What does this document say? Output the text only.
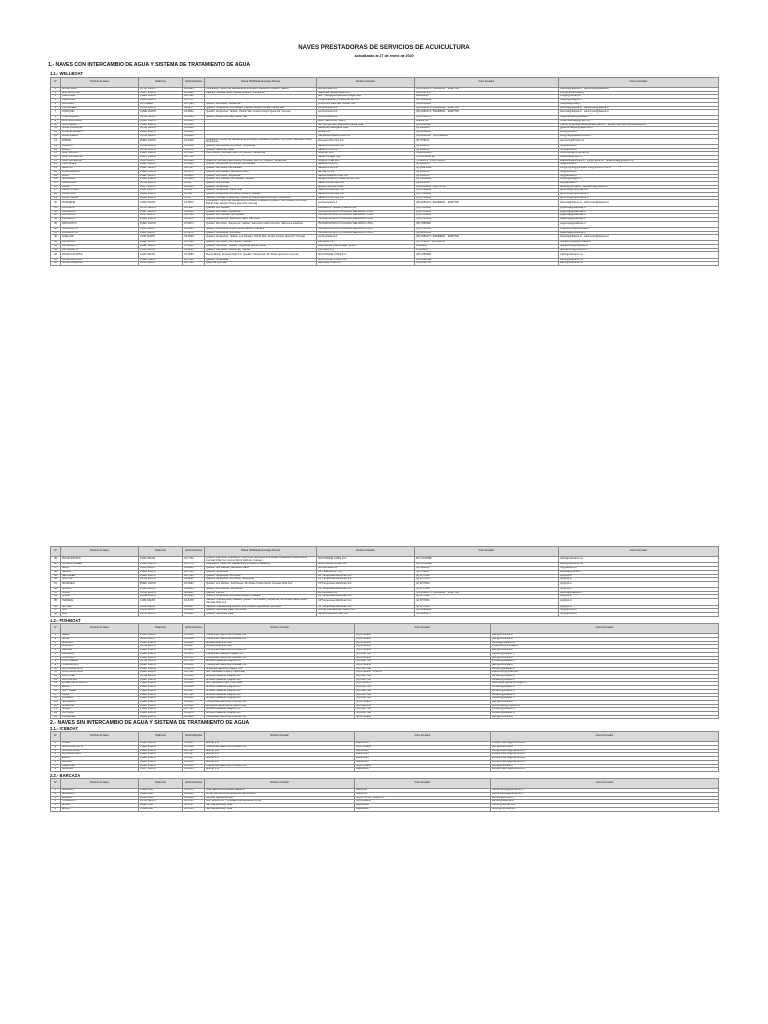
NAVES PRESTADORAS DE SERVICIOS DE ACUICULTURA
Actualizado al 27 de enero de 2020
1.- NAVES CON INTERCAMBIO DE AGUA Y SISTEMA DE TRATAMIENTO DE AGUA
1.1.- WELLBOAT
N°	Nombre de Nave	Matrícula	Señal distintiva	Planta Habilitada Descarga Directa	Nombre Armador	Fono Armador	Correo Armador
1	ALCANTARA	PUTE VALPO	CA 3604	Chacabuco: Centro de Faenamiento & Acopio Chacabuco Quellón: Cailcur	La Peninsula S.A.	(65) 2581073 / 652486501 · 9099?709	tbarreda@lapasa.cl · salmonwell@lapasa.cl
2	ANA CRISTINA	CURY VALPO	CA 4092	Calbuco: Camanchaca, Caicaen Quellón: Surpesmar	Salmones Camanchaca S.A.	(65) 2527350	proc@camanchaca.cl
3	CARCUPAL	PUEO VALPO	CA 7562		Soc. Transportes Marítimos Argel Ltda.	993299260	s.argel@hsmarg.cl
4	CAROLINA	PUEO VALPO	CA 7577		Conglomerados y Cultivo del Sur S.A.	65 2-2855232	cdwyer@abagon.cl
5	DON MAXI	VL-Tucaida	CA 7083	Quellón: Río Dulce, Surpesmar	CHIPPING CENTER TRABU S.A.	(65) 2623880	fmatyesa@fusal.cl
6	CALCAVERA	CUTE VALPO	CA 8877	Quellón: Surpesmar, Los Pandes, Yadhan, Acopio Compu, Pacific Star	La Peninsula S.A.	(65) 2581073 / 652486501 · 9099?709	tbarreda@lapasa.cl · salmonwell@lapasa.cl
7	CHAIQUE I	CURE VALPO	CA 5002	Quellón: Surpesmar, Yadhan, Pacific Star, Acopio Compu Quemchi: Cermaq	La Peninsula S.A.	(65) 2581073 / 652486501 · 9099?709	tbarreda@lapasa.cl · salmonwell@lapasa.cl
8	CHILONQUES	CUTE VALPO	CA 5628	Quellón: Acopio Cermaq, Pacific Star	La Peninsula S.A.	(65) 2581073	rc@lanavaldes@lapasa.cl
9	DON NICOLAIDO	PUEO VALPO	CA 3604		Marín Salmonvid - Marin	999662789	mmarinnavasa@gmail.com
10	DON PEDRO	PUEO VALPO	CA 8121		Soc. de Servicios Marítimos Mamar Ltda.	(65) 2531900	mamar_peguilla@calcahuanaservisma.cl · aurelio.ropiso@marimadrasuros.cl
11	DOÑA CLAUDINA	CUTE VALPO	CA 8048		Naviera El Navegante Ltda.	(9) 9380186	gguerrerhaugar@cadelchie.cl
12	DOÑA ELIZABETH	PUEO VALPO	CA 2244		Prosal S.A.	(65) 2258000	ainfo@prosal.cl
13	DOÑA MARIA	CUTE VALPO	CA 6659		Cargueras Albatros Ltda S.A.	(65) 2009300 · (65) 2990600	info@cargueraslamostrea.cl
14	FARIOP	PUEO VALPO	CA 4049	Chacabuco: Centro de Faenamiento & Acopio Chacabuco Quellón: Río Dulce, Salmones Cailin, Surpesmar	Pesquera Pino Sur S.A.	(57) 679270	operarios@fiminsur.cl
15	FORROTI	CUCE VALPO	CA 4114	Quellón: Los Pandes, Río Dulce, Surpesmar	Naviera Orca Chile S.A.	(2) 4608015	nrp@debiolu.cl
16	FRIED	CUTE VALPO	CA 8573	Quellón: Salmones Cailin	Naviera Orca S.A.	(2) 4608015	nrp@debiolu.cl
17	GRIP PACIFIC	PUEO VALPO	CA 5368	Puerto Montt: Cermaq Chile S.A. Quellón: Surpesmar	Grupmar SPA	(56)22346604	mstrumieha@grupmar.me
18	GRIP PATAGONIA	CURY VALPO	CA 7788		Naviera Nuegte SpA	(65) 23 2214798	matriculad@fidex.cl
19	GRIP SUPERIOR	CUIO VALPO	CA 3668	Quemchi: Cermaq Puerto Montt: Cermaq Chile S.A. Quellón: Surpesmar	Grupfish Chile SPA	757880-78 · (65) 2756831	analuundia@knotrik.cl · info@navidin.cl · analuundia@grupfish.mx
20	HIRONDALL	PUEP VALPO	CA 4089	Quellón: Surpesmar, Río Dulce, Los Pandes	Naviera Orca S.A.	(2) 4608015	nrp@debiolu.cl
21	LEGOTA I	PUEP VALPO	CA 7537	Quellón: Río Dulce, Los Pandes	Naviera Orca S.A.	(2) 2352 2401	shtrl@m@Fhg@B·BN5T1-A.@PN5BT0·C1.cl
22	LINDA MARIAN	PUEO VALPO	CA 5871	Quellón: Los Pandes, Salmones Cailin	BETNETS S.A.	(2) 4608015	nrp@debiolu.cl
23	LOBO	PUEP VALPO	CA 8853	Quellón: Río Dulce, Surpesmar	Naviera Bahamo Chile S.A.	(2) 4608015	nrp@debiolu.cl
24	NOVARINO	PUEO VALPO	CA 5628	Quellón: Los Pandes, Los Pandes, Yadhan	Conglomerados y Cultivo del Sur S.A.	65 2-2855232	cdwyer@abagon.cl
25	ORIGOLOFF	CUTE VALPO	CA 82	Quellón: Los Pandes	Naviera Orca Chile S.A.	(2) 4608015	nrp@debiolu.cl
26	ORCA I	CURY VALPO	CA 5336	Quellón: Surpesmar	Antonio Servicios Ltda.	(65) 2258884 · 9055?8788	aurelio@carmaa.cl · aunsantha@caltima.cl
27	ORCA CHONO	PUIM VALPO	CA 101	Quellón: Surpesmar, Pacific Star	Naviera Orca Chile S.A.	(65) 7608880	gvcorrish@rupnomarca.cl
28	ORCA FINA	CURE VALPO	CA 303	Quellón: Surpesmar, Río Dulce Calbuco: Caicaen	Naviera Orca Chile S.A.	(65) 7608880	gvcorrish@rupnomarca.cl
29	ORCA YAGAN	PUEO VALPO	CA 63	Calbuco: Caicaen Chacabuco: Centro de Faenamiento & Acopio Chacabuco	Naviera Orca Chile S.A.	(65) 2760880	gvcorrish@rupnomarca.cl
30	PIONNEUR	CUIM VALPO	CA 5573	Chacabuco: Centro de Faenamiento & Acopio Chacabuco Quellón: Los Pandes, Río Dulce, Pacific Star, Acopio Compu Quemchi: Cermaq	La Peninsula S.A.	(65) 2581073 / 652486501 · 9099?709	tbarreda@lapasa.cl · salmonwell@lapasa.cl
31	PATAGÓN I	CUTE VALPO	CA 3887	Quellón: Los Pandes	Pesquera & Travelling Service S.A.	(65) 7856665	pvgancaja@wellboat.cl
32	PATAGÓN II	PUEP VALPO	CA 6914	Quellón: Río Dulce, Surpesmar	TRANSPORTES PUTAGONIA WELLBOAT LTDA.	(65) 7856665	pvgancaja@wellboat.cl
33	PATAGÓN V	CUIP VALPO	CA 7556	Quellón: Los Pandes, Los Pandes	TRANSPORTES PUTAGONIA WELLBOAT LTDA.	(65) 7856665	pvgancaja@wellboat.cl
34	PATAGÓN V	PUEO VALPO	CA 8576	Quellón: Surpesmar, Salmones Cailin, Río Dulce	TRANSPORTES PUTAGONIA WELLBOAT LTDA.	(65) 7856665	pvgancaja@wellboat.cl
35	PATAGÓN VI	PUEO VALPO	CA 8673	Quellón: Río Dulce, Surpesmar, Yadhan, Salmones Cailin Chonchi: Salmones Antártica	TRANSPORTES PUTAGONIA WELLBOAT LTDA.	(65) 7856665	pvgancaja@wellboat.cl
36	PATAGÓN VII	CUIM VALPO	CA 5895	Quellón: Surpesmar Ancud: Ahrok Calbuco: Caicaen	TRANSPORTES PUTAGONIA WELLBOAT LTDA.	(65) 7856665	mstyneb.ome@wellboat.cl
37	PATAGÓN VIII	CUIM VALPO	CA 5278	Quellón: Surpesmar, Río Dulce	TRANSPORTES PUTAGONIA WELLBOAT LTDA.	(65) 2856630	pvgancaja@wellboat.cl
38	QUELLÓN	CUIE VALPO	CA 8228	Quellón: Surpesmar, Yadhan, Los Pandes, Pacific Star, Acopio Compu Quemchi: Cermaq	La Peninsula S.A.	(65) 2581073 / 652486501 · 9099?709	tbarreda@lapasa.cl · salmonwell@lapasa.cl
39	RIO BLACK	PUEP VALPO	CA 7028	Quellón: Río Dulce, Los Pandes, Yadhan	Río Dulce S.A.	(2) 2572615 · (65) 2600?2	nrscabricoscas@rihclalue.cl
40	RIO BLACK II	CUEP VALPO	CA 6086	Quellón: Río Dulce, Yadhan, Surpesmar Ancud: Ahrok	José Manuel Ciarrochiego Herrero	47009122	operaciones@riodulce.cl
41	RIO BLACK III	CUIM VALPO	CA 6284	Quellón: Río Dulce, Surpesmar, Yadhan	Río Dulce S.A.	47009122	operaciones@riodulce.cl
42	RONJA ATLANTIC	CUIM VALPO	CA 5569	Puerto Montt: Cermaq Chile S.A. Quellón: Surpesmar, Río Dulce Quemchi: Cermaq	SOLSTRAND CHILE S.A.	(65) 2358386	cddor@solstrans.me
43	RONJA AUSTRAL	PUEO VALPO	CA 7522	Quellón: Surpesmar	SOLSTRAND CHILE S.A.	65 2-2310398	cddor@solstrans.me
44	RONJA DIAMOND	CUIM VALPO	CA 7322	Quemchi: Cermaq	Salmones Chile S.A.	(65) 2581?45	cddor@solstrans.me
N°	Nombre de Nave	Matrícula	Señal distintiva	Planta Habilitada Descarga Directa	Nombre Armador	Fono Armador	Correo Armador
45	RONJA PACIFIC	CUIM VALPO	CA 7742	Quellón: Río Dulce Chacabuco: Centro de Faenamiento & Acopio Chacabuco Puerto Montt: Cermaq Chile S.A. Ancud: Ahrok Calbuco: Caicaen	SOLSTRAND CHILE S.A.	65 2-2310398	cddor@solstrans.me
46	RONJA PIONEER	PUEO VALPO	CA 7576	Chacabuco: Centro de Faenamiento & Acopio Chacabuco	SOLSTRAND CHILE S.A.	65 2-2310398	cddor@solstrans.me
47	SAZA	CUIM VALPO	CA 8841	Quellón: Los Pandes, Salmones Cailin	La Peninsula S.A.	(2) 4608015	nrp@debiolu.cl
48	SEABIS	PUEO VALPO	CA 7666	Quellón: Surpesmar	CPT WELLBOAT S.A.	(2)3776896	wellboats@cpwt.cl
49	SEAI EDEN	PUEO VALPO	CA 7521	Quellón: Surpesmar, Río Dulce	CPT Empresas Marítimas S.A.	(2) 3077800	cpt@cpt.cl
50	SKOTTE	CUTE VALPO	CA 6611	Quellón: Surpesmar, Río Dulce, Surpesmar	CPT Empresas Marítimas S.A.	(2) 3077800	cpt@cpt.cl
51	SKORGEN	PUEO VALPO	CA 5623	Quellón: Los Pandes, Surfhsones, Río Dulce Puerto Montt: Cermaq Chile S.A.	CPT Empresas Marítimas S.A.	(2) 3077800	cpt@cpt.cl
52	SKUDPY	PUEO VALPO	CA 8838	Quellón: Los Pandes, Surpesmar	CPT Empresas Marítimas S.A.	(2) 3077800	cpt@cpt.cl
53	SOFIA	CUTE VALPO	CA 6241	Quellón: Pullimo	La Peninsula S.A.	(65) 2581073 / 652486501 · 9099?709	tbarreda@lapasa.cl
54	SONDI	CUCE VALPO	CA 3964	Quellón: Surpesmar, Río Dulce Calbuco: Caicaen	CPT Empresas Marítimas S.A.	(2) 3077800	cpt@cpt.cl
55	SVENDAL	CUIM VALPO	CA 6178	Calbuco: Camanchaca, Caicaen Quellón: Los Pandes, Surpesmar, Río Dulce Puerto Montt: Cermaq Chile S.A.	CPT Empresas Marítimas S.A.	(2) 3077800	cpt@cpt.cl
56	SKYSEL	CUIM VALPO	CA 8237	Calbuco: Camanchaca Quellón: Los Pandes, Surpesmar, Río Dulce	CPT Empresas Marítimas S.A.	(2) 3077800	cpt@cpt.cl
57	UTO	CUIM VALPO	CA 6384	Quellón: Salmones Cailin, Río Dulce	Fishing International Trading SPA	(65) 3399999	nrp@debiolu.cl
58	ZUA	CUTE VALPO	CA 8580	Quellón: Salmones Cailin	Naviera Bahamo Chile S.A.	(2) 4608015	nrp@debiolu.cl
1.2.- FISHBOAT
N°	Nombre de Nave	Matrícula	Señal distintiva	Nombre Armador	Fono Armador	Correo Armador
1	ARIES	PUEO VALPO	CA 6114	Transportes Marítimos Krumlike S.A.	(65) 2744950	pam@krumlinda.cl
2	ALKIA	CUIM VALPO	CA 6086	Transportes Marítimos Krumlike S.A.	(65) 2744950	pam@krumlinda.cl
3	ANDINA I	PUEO VALPO	CA 8813	Arriendo Marítimo Ltda.	(65) 2568660	iwoods@fotosemo.cl
4	ANDINA II	CUTE VALPO	CA 2987	Arriendo Marítimo Ltda.	(65) 2568660	e.rtanichoz@omsaga.cl
5	BEAGLE	PUEO VALPO	CA 8054	Transportes Marítimos Krumlike S.A.	(65) 2744950	pam@krumlinda.cl
6	CALBUCO	PUEO VALPO	CA 8875	Transportes Navales Fisapod S.A.	(65) 3017788	contacto@fisapod.cl
7	CHOLLAS	PUEO VALPO	CA 6744	Transportes Marítimos Krumlike S.A.	(65) 2744950	pam@krumlinda.cl
8	CONTINELLE	CUTE VALPO	CA 7336	Arriendo Navieras Fisapod S.A.	(65) 3017788	contacto@fisapod.cl
9	CORIFARNOS	PUEO VALPO	CA 6252	Transportes Marítimos Krumlike S.A.	(65) 2744950	pam@krumlinda.cl
10	DON FRANCISCO	PUEO VALPO	CA 4076	Acropodio Navieras Fisapod S.A.	(65) 3017788	contacto@fisapod.cl
11	DON FRANCISCO	PUEO VALPO	CA 7442	Soc. Mercedes Chiloé y Hijos Ltda.	(65) 2752003 · 9?8879	erauzilnoyo@gmail.com
12	DON JOSÉ	CUTE VALPO	CA 8810	Arriendo Navieras Fisapod S.A.	(65) 3017788	contacto@fisapod.cl
13	DON JULIAN	PUEO VALPO	CA 3354	Arriendo Navieras Fisapod S.A.	(65) 3017788	contacto@fisapod.cl
14	DONES DE CHONCHI	PUEO VALPO	CA 8633	Soc. Mercedes Hijos y Cía. Ltda.	(65) 6716574	reservas.pm@cashmerahjos.cl
15	EMMA	PUEO VALPO	CA 5848	Arriendo Navieras Fisapod S.A.	(65) 3017788	contacto@fisapod.cl
16	KATY FREE	PUEO VALPO	CA 6457	Arriendo Navieras Fisapod S.A.	(65) 3017788	contacto@fisapod.cl
17	ORCA	PUEO VALPO	CA 7441	Arriendo Navieras Fisapod S.A.	(65) 3017788	contacto@fisapod.cl
18	POLARIS	PUEO VALPO	CA 8526	Arriendo Navieras Fisapod S.A.	(65) 3017788	contacto@fisapod.cl
19	SALAMBRU	PUEO VALPO	CA 2622	Transportes Marítimos Krumlike S.A.	(65) 2744950	pam@krumlinda.cl
20	SURESTE	PUEO VALPO	CA 5662	Acropodio Marítimos de Castro Ltda.	(65) 8982552	tucucontacto@castrum.cl
21	SULIMI	PUEO VALPO	CA 7143	Arriendo Navieras Fisapod S.A.	(65) 3017788	contacto@fisapod.cl
22	VICTORIA	PUEO VALPO	CA 8871	Arriendo Navieras Fisapod S.A.	(65) 3017788	contacto@fisapod.cl
23	VILLAROEL	PUEO VALPO	CA 6088	Transportes Marítimos Krumlike S.A.	(65) 2744950	pam@krumlinda.cl
2.- NAVES SIN INTERCAMBIO DE AGUA Y SISTEMA DE TRATAMIENTO DE AGUA
2.1.- ICEBOAT
N°	Nombre de Nave	Matrícula	Señal distintiva	Nombre Armador	Fono Armador	Correo Armador
1	CORAL	PUEO VALPO	CA 6017	Blumar S.A.	998803265	enrique.cisterna@blumar.com
2	CONSTANTINO III	PUEO VALPO	CA 6618	Transportes Marítimos Krumlike S.A.	(65) 2744950	pam@krumlinda.cl
3	DON ALFONSO	PUEO VALPO	CA 7333	Blumar S.A.	998803265	enrique.cisterna@blumar.com
4	DON EDMUNDO	PUEO VALPO	CA 7197	Blumar S.A.	998803265	enrique.cisterna@blumar.com
5	EMMA	PUEO VALPO	CA 6817	Blumar S.A.	998803265	enrique.cisterna@blumar.com
6	ESPAÑA	PUEO VALPO	CA 6701	Blumar S.A.	998803265	enrique.cisterna@blumar.com
7	OLENTINA	PUEO VALPO	CA 6353	Transportes Marítimos Krumlike S.A.	(65) 2744950	pam@krumlinda.cl
8	SALVADO	CURY VALPO	CA 9536	Blumar S.A.	998803265	enrique.cisterna@blumar.com
2.2.- BARCAZA
N°	Nombre de Nave	Matrícula	Señal distintiva	Nombre Armador	Fono Armador	Correo Armador
1	AMAMAR I	PUEB CAB	CA 6733	José Salomón Almonacid Gallardo	99295335	salmonwell@aguamarmin.cl
2	AMAMAR II	PUEB CAB	CA 6235	JOSÉ SALOMÓN ALMONACID GALLARDO	99295335	salmonwell@aguamarmin.cl
3	ARMIDA	PUEO PMO	CA 2828	Inversur Ingeniería Ltda.	(65) 2779712 · 96286785	serca.pt@tivisisb.cl
4	CLAUDIA III	CUTE VALPO	CA 8723	DISTRIBUCIÓN Y COMERCIAL ALBAMAR LTDA.	(65) 2592883	asimon@albamar.cl
5	ELIZA I	PUEB CAB	CA 6767	San Nazario Emp. Ltda.	998840899	dmitrio@hotmail.com
6	ELIZA II	PUEB CAB	CA 7259	San Nazario Emp. Ltda.	998840899	dmitrio@hotmail.com
